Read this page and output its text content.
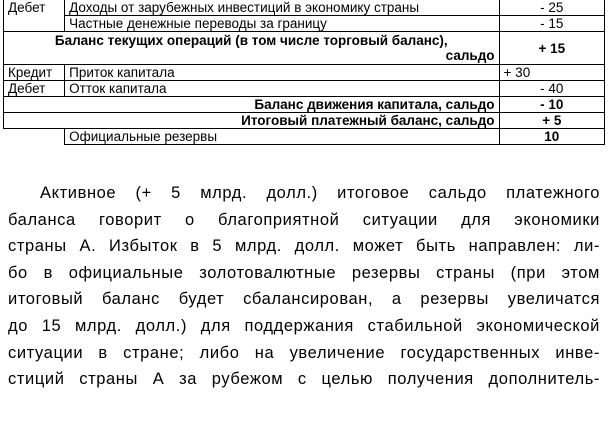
Дебет	Доходы от зарубежных инвестиций в экономику страны	- 25
	Частные денежные переводы за границу	- 15

Баланс текущих операций (в том числе торговый баланс),
сальдо		+ 15
Кредит	Приток капитала	+ 30
Дебет	Отток капитала	- 40
Баланс движения капитала, сальдо		- 10
Итоговый платежный баланс, сальдо		+ 5
	Официальные резервы	10
Активное (+ 5 млрд. долл.) итоговое сальдо платежного
баланса говорит о благоприятной ситуации для экономики
страны А. Избыток в 5 млрд. долл. может быть направлен: ли-
бо в официальные золотовалютные резервы страны (при этом
итоговый баланс будет сбалансирован, а резервы увеличатся
до 15 млрд. долл.) для поддержания стабильной экономической
ситуации в стране; либо на увеличение государственных инве-
стиций страны А за рубежом с целью получения дополнитель-
